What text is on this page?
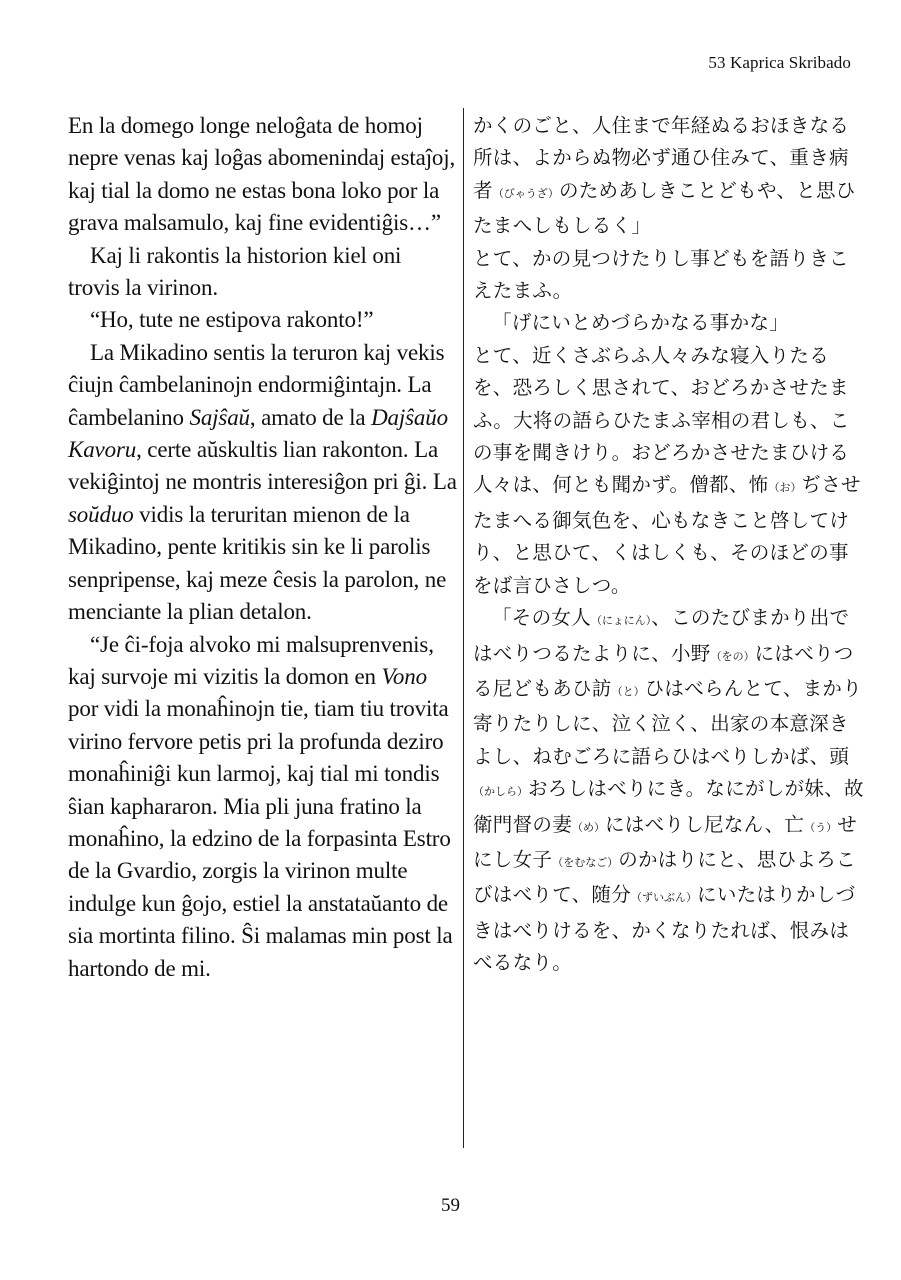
53 Kaprica Skribado

En la domego longe neloĝata de homoj nepre venas kaj loĝas abomenindaj estaĵoj, kaj tial la domo ne estas bona loko por la grava malsamulo, kaj fine evidentiĝis…”

Kaj li rakontis la historion kiel oni trovis la virinon.

“Ho, tute ne estipova rakonto!”

La Mikadino sentis la teruron kaj vekis ĉiujn ĉambelaninojn endormiĝintajn. La ĉambelanino Sajŝaŭ, amato de la Dajŝaŭo Kavoru, certe aŭskultis lian rakonton. La vekiĝintoj ne montris interesiĝon pri ĝi. La soŭduo vidis la teruritan mienon de la Mikadino, pente kritikis sin ke li parolis senpripense, kaj meze ĉesis la parolon, ne menciante la plian detalon.

“Je ĉi-foja alvoko mi malsuprenvenis, kaj survoje mi vizitis la domon en Vono por vidi la monaĥinojn tie, tiam tiu trovita virino fervore petis pri la profunda deziro monaĥiniĝi kun larmoj, kaj tial mi tondis ŝian kaphararon. Mia pli juna fratino la monaĥino, la edzino de la forpasinta Estro de la Gvardio, zorgis la virinon multe indulge kun ĝojo, estiel la anstataŭanto de sia mortinta filino. Ŝi malamas min post la hartondo de mi.

かくのごと、人住まで年経ぬるおほきなる所は、よからぬ物必ず通ひ住みて、重き病者（びゃうざ）のためあしきことどもや、と思ひたまへしもしるく」

とて、かの見つけたりし事どもを語りきこえたまふ。

「げにいとめづらかなる事かな」

とて、近くさぶらふ人々みな寝入りたるを、恐ろしく思されて、おどろかさせたまふ。大将の語らひたまふ宰相の君しも、この事を聞きけり。おどろかさせたまひける人々は、何とも聞かず。僧都、怖（お）ぢさせたまへる御気色を、心もなきこと啓してけり、と思ひて、くはしくも、そのほどの事をば言ひさしつ。

「その女人（にょにん）、このたびまかり出ではべりつるたよりに、小野（をの）にはべりつる尼どもあひ訪（と）ひはべらんとて、まかり寄りたりしに、泣く泣く、出家の本意深きよし、ねむごろに語らひはべりしかば、頭（かしら）おろしはべりにき。なにがしが妹、故衛門督の妻（め）にはべりし尼なん、亡（う）せにし女子（をむなご）のかはりにと、思ひよろこびはべりて、随分（ずいぶん）にいたはりかしづきはべりけるを、かくなりたれば、恨みはべるなり。

59
